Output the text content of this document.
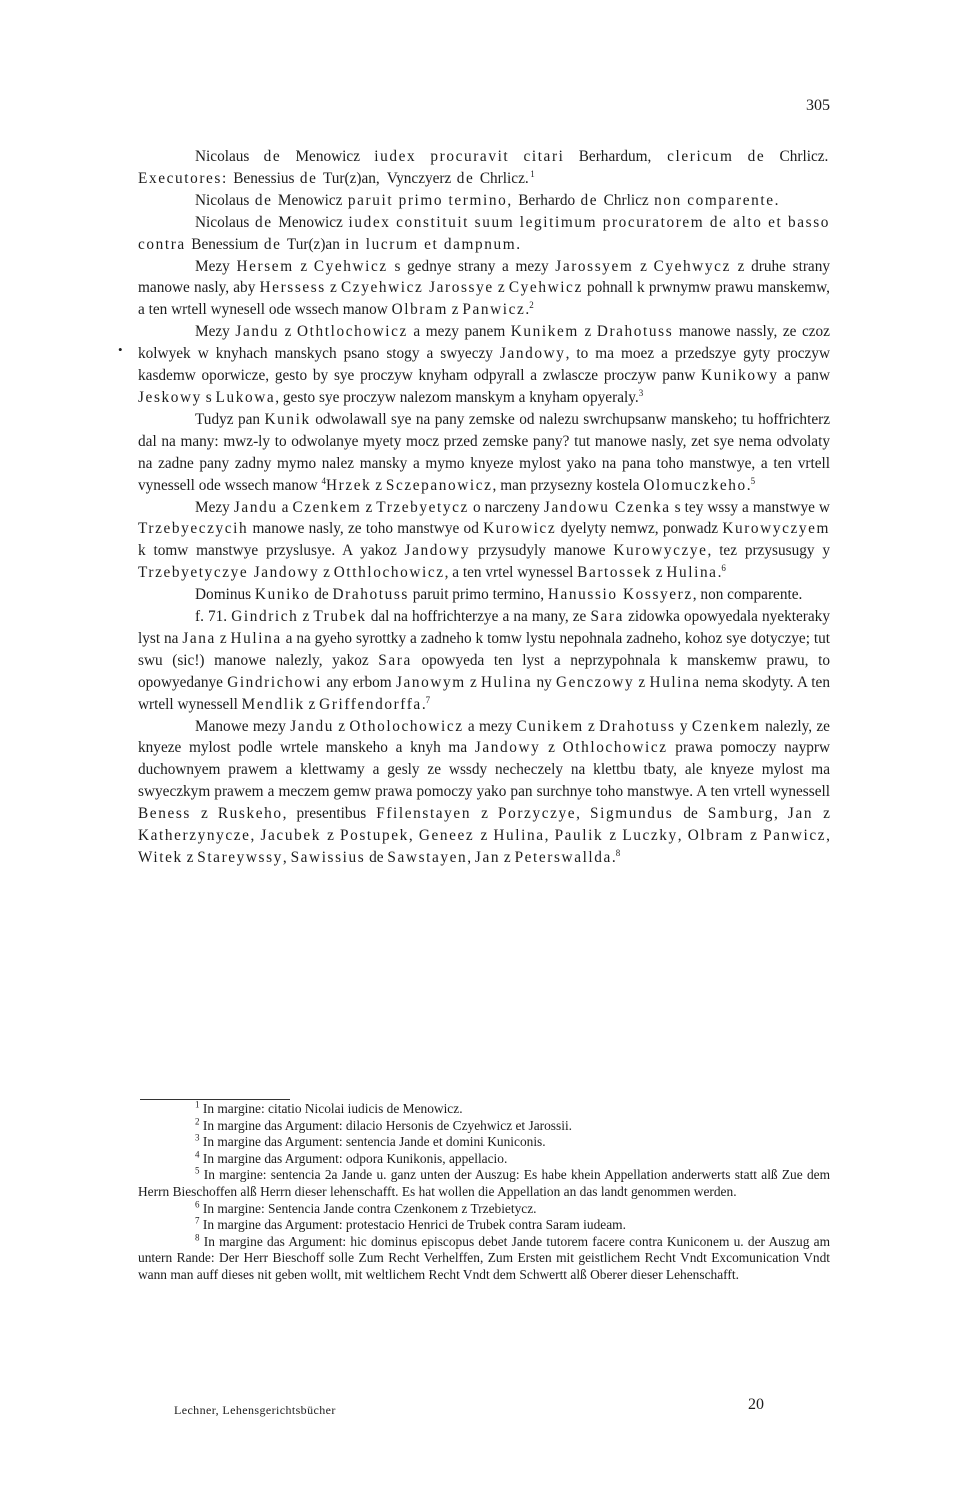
305
•

Nicolaus de Menowicz iudex procuravit citari Berhardum, clericum de Chrlicz. Executores: Benessius de Tur(z)an, Vynczyerz de Chrlicz.$^1$

Nicolaus de Menowicz paruit primo termino, Berhardo de Chrlicz non comparente.

Nicolaus de Menowicz iudex constituit suum legitimum procuratorem de alto et basso contra Benessium de Tur(z)an in lucrum et dampnum.

Mezy Hersem z Cyehwicz s gednye strany a mezy Jarossyem z Cyehwycz z druhe strany manowe nasly, aby Herssess z Czyehwicz Jarossye z Cyehwicz pohnall k prwnymw prawu manskemw, a ten wrtell wynesell ode wssech manow Olbram z Panwicz.$^2$

Mezy Jandu z Othtlochowicz a mezy panem Kunikem z Drahotuss manowe nassly, ze czoz kolwyek w knyhach manskych psano stogy a swyeczy Jandowy, to ma moez a przedszye gyty proczyw kasdemw oporwicze, gesto by sye proczyw knyham odpyrall a zwlascze proczyw panw Kunikowy a panw Jeskowy s Lukowa, gesto sye proczyw nalezom manskym a knyham opyeraly.$^3$

Tudyz pan Kunik odwolawall sye na pany zemske od nalezu swrchupsanw manskeho; tu hoffrichterz dal na many: mwz-ly to odwolanye myety mocz przed zemske pany? tut manowe nasly, zet sye nema odvolaty na zadne pany zadny mymo nalez mansky a mymo knyeze mylost yako na pana toho manstwye, a ten vrtell vynessell ode wssech manow $^4$Hrzek z Sczepanowicz, man przysezny kostela Olomuczkeho.$^5$

Mezy Jandu a Czenkem z Trzebyetycz o narczeny Jandowu Czenka s tey wssy a manstwye w Trzebyeczycih manowe nasly, ze toho manstwye od Kurowicz dyelyty nemwz, ponwadz Kurowyczyem k tomw manstwye przyslusye. A yakoz Jandowy przysudyly manowe Kurowyczye, tez przysusugy y Trzebyetyczye Jandowy z Otthlochowicz, a ten vrtel wynessel Bartossek z Hulina.$^6$

Dominus Kuniko de Drahotuss paruit primo termino, Hanussio Kossyerz, non comparente.

f. 71. Gindrich z Trubek dal na hoffrichterzye a na many, ze Sara zidowka opowyedala nyekteraky lyst na Jana z Hulina a na gyeho syrottky a zadneho k tomw lystu nepohnala zadneho, kohoz sye dotyczye; tut swu (sic!) manowe nalezly, yakoz Sara opowyeda ten lyst a neprzypohnala k manskemw prawu, to opowyedanye Gindrichowi any erbom Janowym z Hulina ny Genczowy z Hulina nema skodyty. A ten wrtell wynessell Mendlik z Griffendorffa.$^7$

Manowe mezy Jandu z Otholochowicz a mezy Cunikem z Drahotuss y Czenkem nalezly, ze knyeze mylost podle wrtele manskeho a knyh ma Jandowy z Othlochowicz prawa pomoczy nayprw duchownyem prawem a klettwamy a gesly ze wssdy necheczely na klettbu tbaty, ale knyeze mylost ma swyeczkym prawem a meczem gemw prawa pomoczy yako pan surchnye toho manstwye. A ten vrtell wynessell Beness z Ruskeho, presentibus Ffilenstayen z Porzyczye, Sigmundus de Samburg, Jan z Katherzynycze, Jacubek z Postupek, Geneez z Hulina, Paulik z Luczky, Olbram z Panwicz, Witek z Stareywssy, Sawissius de Sawstayen, Jan z Peterswallda.$^8$

$^1$ In margine: citatio Nicolai iudicis de Menowicz.

$^2$ In margine das Argument: dilacio Hersonis de Czyehwicz et Jarossii.

$^3$ In margine das Argument: sentencia Jande et domini Kuniconis.

$^4$ In margine das Argument: odpora Kunikonis, appellacio.

$^5$ In margine: sentencia 2a Jande u. ganz unten der Auszug: Es habe khein Appellation anderwerts statt alß Zue dem Herrn Bieschoffen alß Herrn dieser lehenschafft. Es hat wollen die Appellation an das landt genommen werden.

$^6$ In margine: Sentencia Jande contra Czenkonem z Trzebietycz.

$^7$ In margine das Argument: protestacio Henrici de Trubek contra Saram iudeam.

$^8$ In margine das Argument: hic dominus episcopus debet Jande tutorem facere contra Kuniconem u. der Auszug am untern Rande: Der Herr Bieschoff solle Zum Recht Verhelffen, Zum Ersten mit geistlichem Recht Vndt Excomunication Vndt wann man auff dieses nit geben wollt, mit weltlichem Recht Vndt dem Schwertt alß Oberer dieser Lehenschafft.

Lechner, Lehensgerichtsbücher	20
